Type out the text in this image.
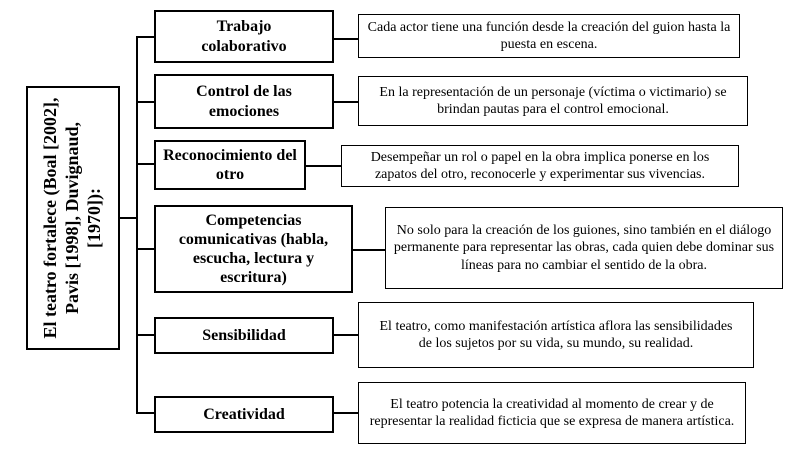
El teatro fortalece (Boal [2002], Pavis [1998], Duvignaud, [1970]):
Trabajo colaborativo
Cada actor tiene una función desde la creación del guion hasta la puesta en escena.
Control de las emociones
En la representación de un personaje (víctima o victimario) se brindan pautas para el control emocional.
Reconocimiento del otro
Desempeñar un rol o papel en la obra implica ponerse en los zapatos del otro, reconocerle y experimentar sus vivencias.
Competencias comunicativas (habla, escucha, lectura y escritura)
No solo para la creación de los guiones, sino también en el diálogo permanente para representar las obras, cada quien debe dominar sus líneas para no cambiar el sentido de la obra.
Sensibilidad
El teatro, como manifestación artística aflora las sensibilidades de los sujetos por su vida, su mundo, su realidad.
Creatividad
El teatro potencia la creatividad al momento de crear y de representar la realidad ficticia que se expresa de manera artística.
